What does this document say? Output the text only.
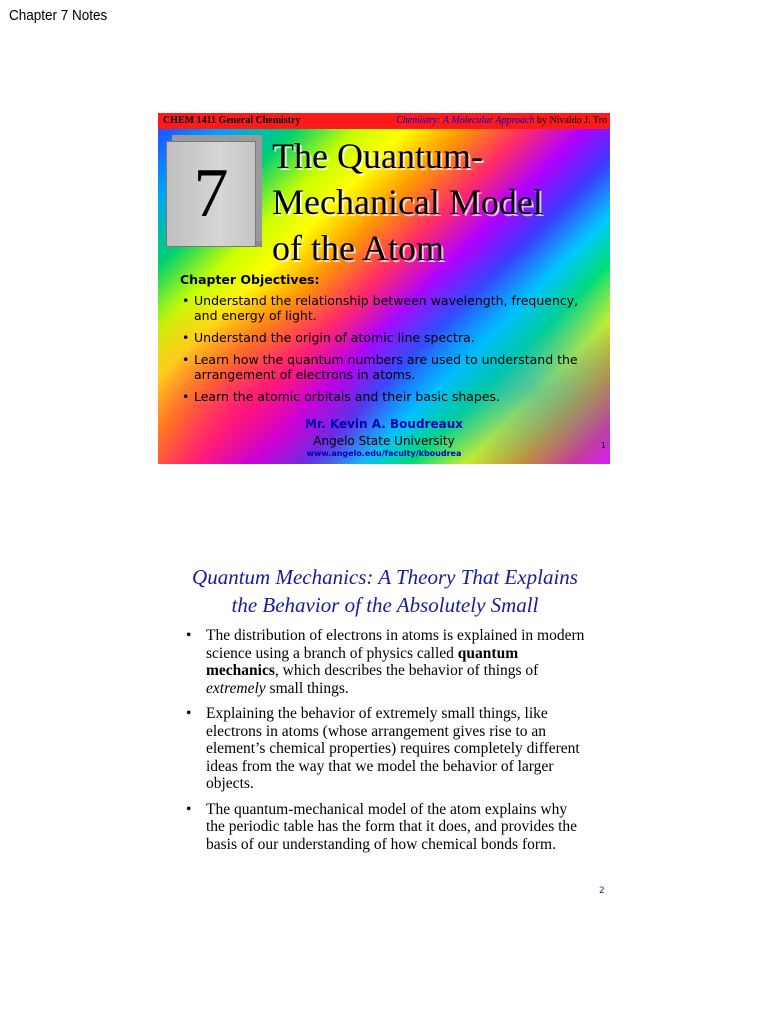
Chapter 7 Notes
CHEM 1411 General Chemistry	Chemistry: A Molecular Approach by Nivaldo J. Tro
7	The Quantum-
Mechanical Model
of the Atom
Chapter Objectives:
• Understand the relationship between wavelength, frequency, and energy of light.
• Understand the origin of atomic line spectra.
• Learn how the quantum numbers are used to understand the arrangement of electrons in atoms.
• Learn the atomic orbitals and their basic shapes.
Mr. Kevin A. Boudreaux
Angelo State University
www.angelo.edu/faculty/kboudrea
1
Quantum Mechanics: A Theory That Explains
the Behavior of the Absolutely Small
• The distribution of electrons in atoms is explained in modern science using a branch of physics called quantum mechanics, which describes the behavior of things of extremely small things.
• Explaining the behavior of extremely small things, like electrons in atoms (whose arrangement gives rise to an element’s chemical properties) requires completely different ideas from the way that we model the behavior of larger objects.
• The quantum-mechanical model of the atom explains why the periodic table has the form that it does, and provides the basis of our understanding of how chemical bonds form.
2
